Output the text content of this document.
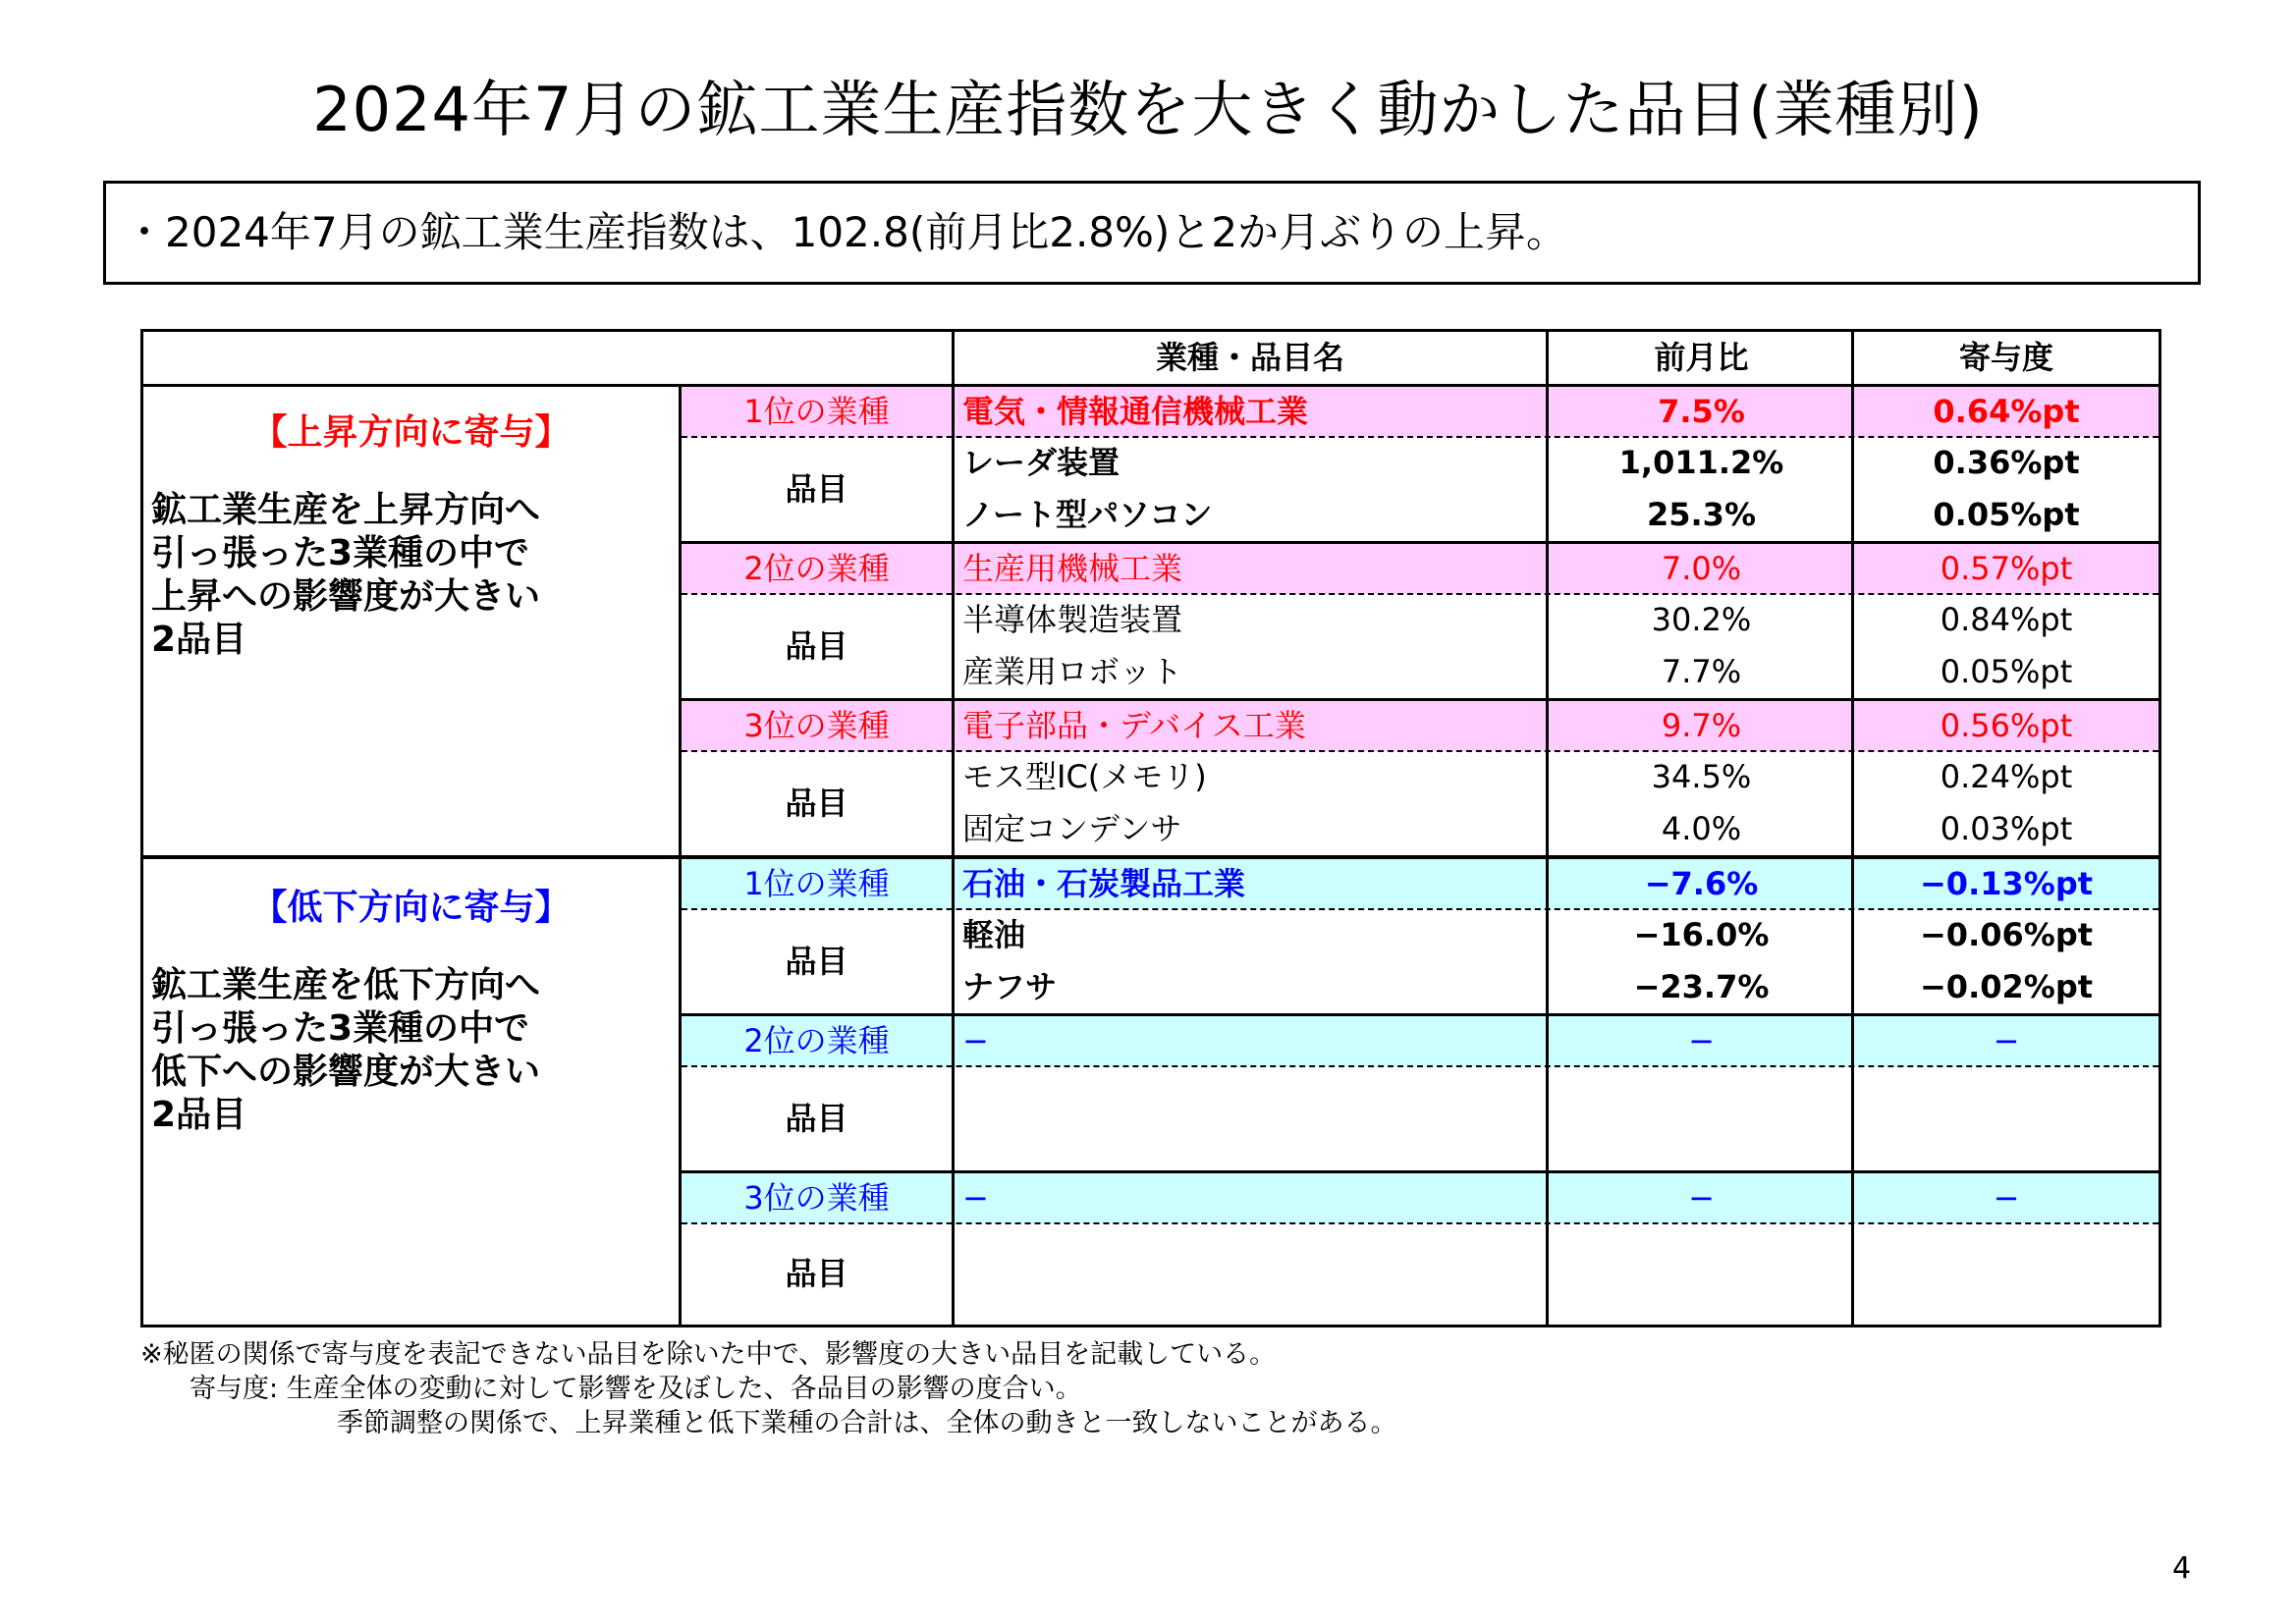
2024年7月の鉱工業生産指数を大きく動かした品目(業種別)
・2024年7月の鉱工業生産指数は、102.8(前月比2.8%)と2か月ぶりの上昇。
業種・品目名	前月比	寄与度
1位の業種	電気・情報通信機械工業	7.5%	0.64%pt
品目
レーダ装置	1,011.2%	0.36%pt
ノート型パソコン	25.3%	0.05%pt
2位の業種	生産用機械工業	7.0%	0.57%pt
品目
半導体製造装置	30.2%	0.84%pt
産業用ロボット	7.7%	0.05%pt
3位の業種	電子部品・デバイス工業	9.7%	0.56%pt
品目
モス型IC(メモリ)	34.5%	0.24%pt
固定コンデンサ	4.0%	0.03%pt
【上昇方向に寄与】
鉱工業生産を上昇方向へ
引っ張った3業種の中で
上昇への影響度が大きい
2品目
1位の業種	石油・石炭製品工業	−7.6%	−0.13%pt
品目
軽油	−16.0%	−0.06%pt
ナフサ	−23.7%	−0.02%pt
2位の業種	−	−	−
品目
3位の業種	−	−	−
品目
【低下方向に寄与】
鉱工業生産を低下方向へ
引っ張った3業種の中で
低下への影響度が大きい
2品目
※秘匿の関係で寄与度を表記できない品目を除いた中で、影響度の大きい品目を記載している。
寄与度: 生産全体の変動に対して影響を及ぼした、各品目の影響の度合い。
季節調整の関係で、上昇業種と低下業種の合計は、全体の動きと一致しないことがある。
4
